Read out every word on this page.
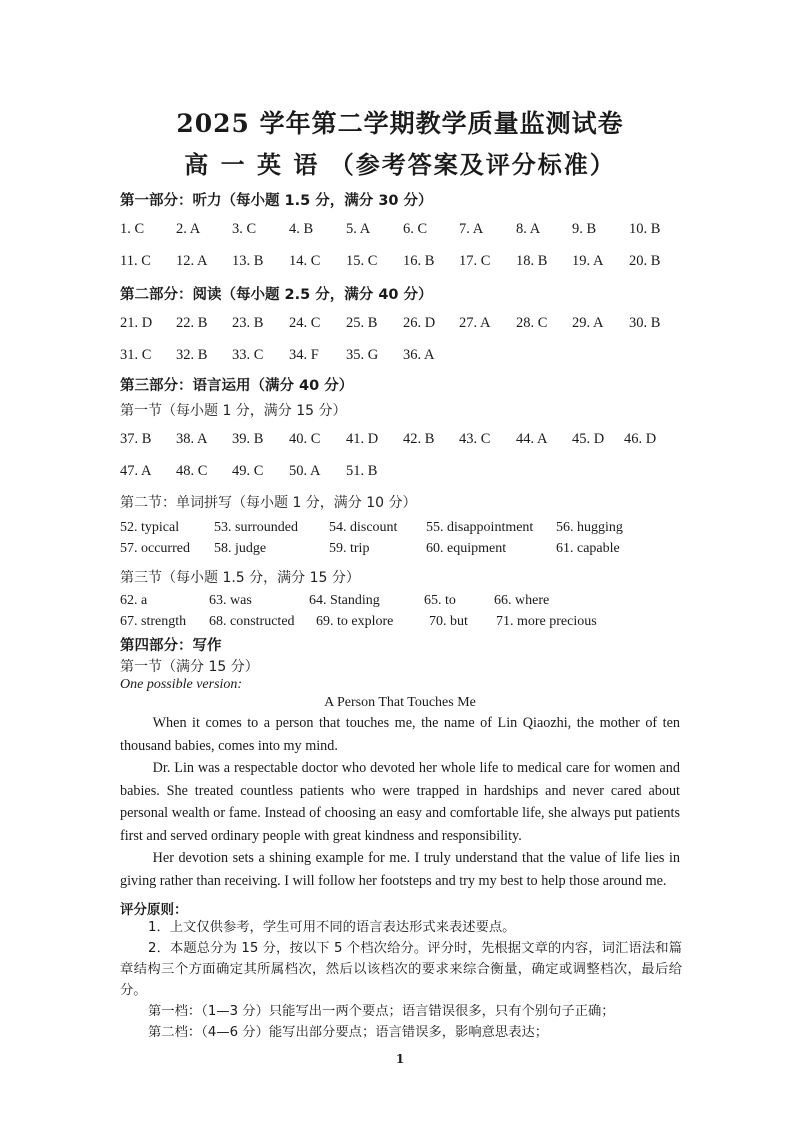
2025 学年第二学期教学质量监测试卷
高 一 英 语 （参考答案及评分标准）
第一部分：听力（每小题 1.5 分，满分 30 分）
1. C 2. A 3. C 4. B 5. A 6. C 7. A 8. A 9. B 10. B
11. C 12. A 13. B 14. C 15. C 16. B 17. C 18. B 19. A 20. B
第二部分：阅读（每小题 2.5 分，满分 40 分）
21. D 22. B 23. B 24. C 25. B 26. D 27. A 28. C 29. A 30. B
31. C 32. B 33. C 34. F 35. G 36. A
第三部分：语言运用（满分 40 分）
第一节（每小题 1 分，满分 15 分）
37. B 38. A 39. B 40. C 41. D 42. B 43. C 44. A 45. D 46. D
47. A 48. C 49. C 50. A 51. B
第二节：单词拼写（每小题 1 分，满分 10 分）
52. typical 53. surrounded 54. discount 55. disappointment 56. hugging
57. occurred 58. judge	59. trip	60. equipment	61. capable
第三节（每小题 1.5 分，满分 15 分）
62. a	63. was	64. Standing	65. to	66. where
67. strength 68. constructed 69. to explore	70. but 71. more precious
第四部分：写作
第一节（满分 15 分）
One possible version:
A Person That Touches Me

When it comes to a person that touches me, the name of Lin Qiaozhi, the mother of ten thousand babies, comes into my mind.

Dr. Lin was a respectable doctor who devoted her whole life to medical care for women and babies. She treated countless patients who were trapped in hardships and never cared about personal wealth or fame. Instead of choosing an easy and comfortable life, she always put patients first and served ordinary people with great kindness and responsibility.

Her devotion sets a shining example for me. I truly understand that the value of life lies in giving rather than receiving. I will follow her footsteps and try my best to help those around me.

评分原则：
1．上文仅供参考，学生可用不同的语言表达形式来表述要点。
2．本题总分为 15 分，按以下 5 个档次给分。评分时，先根据文章的内容，词汇语法和篇章结构三个方面确定其所属档次，然后以该档次的要求来综合衡量，确定或调整档次，最后给分。
第一档：（1—3 分）只能写出一两个要点；语言错误很多，只有个别句子正确；
第二档：（4—6 分）能写出部分要点；语言错误多，影响意思表达；
1
